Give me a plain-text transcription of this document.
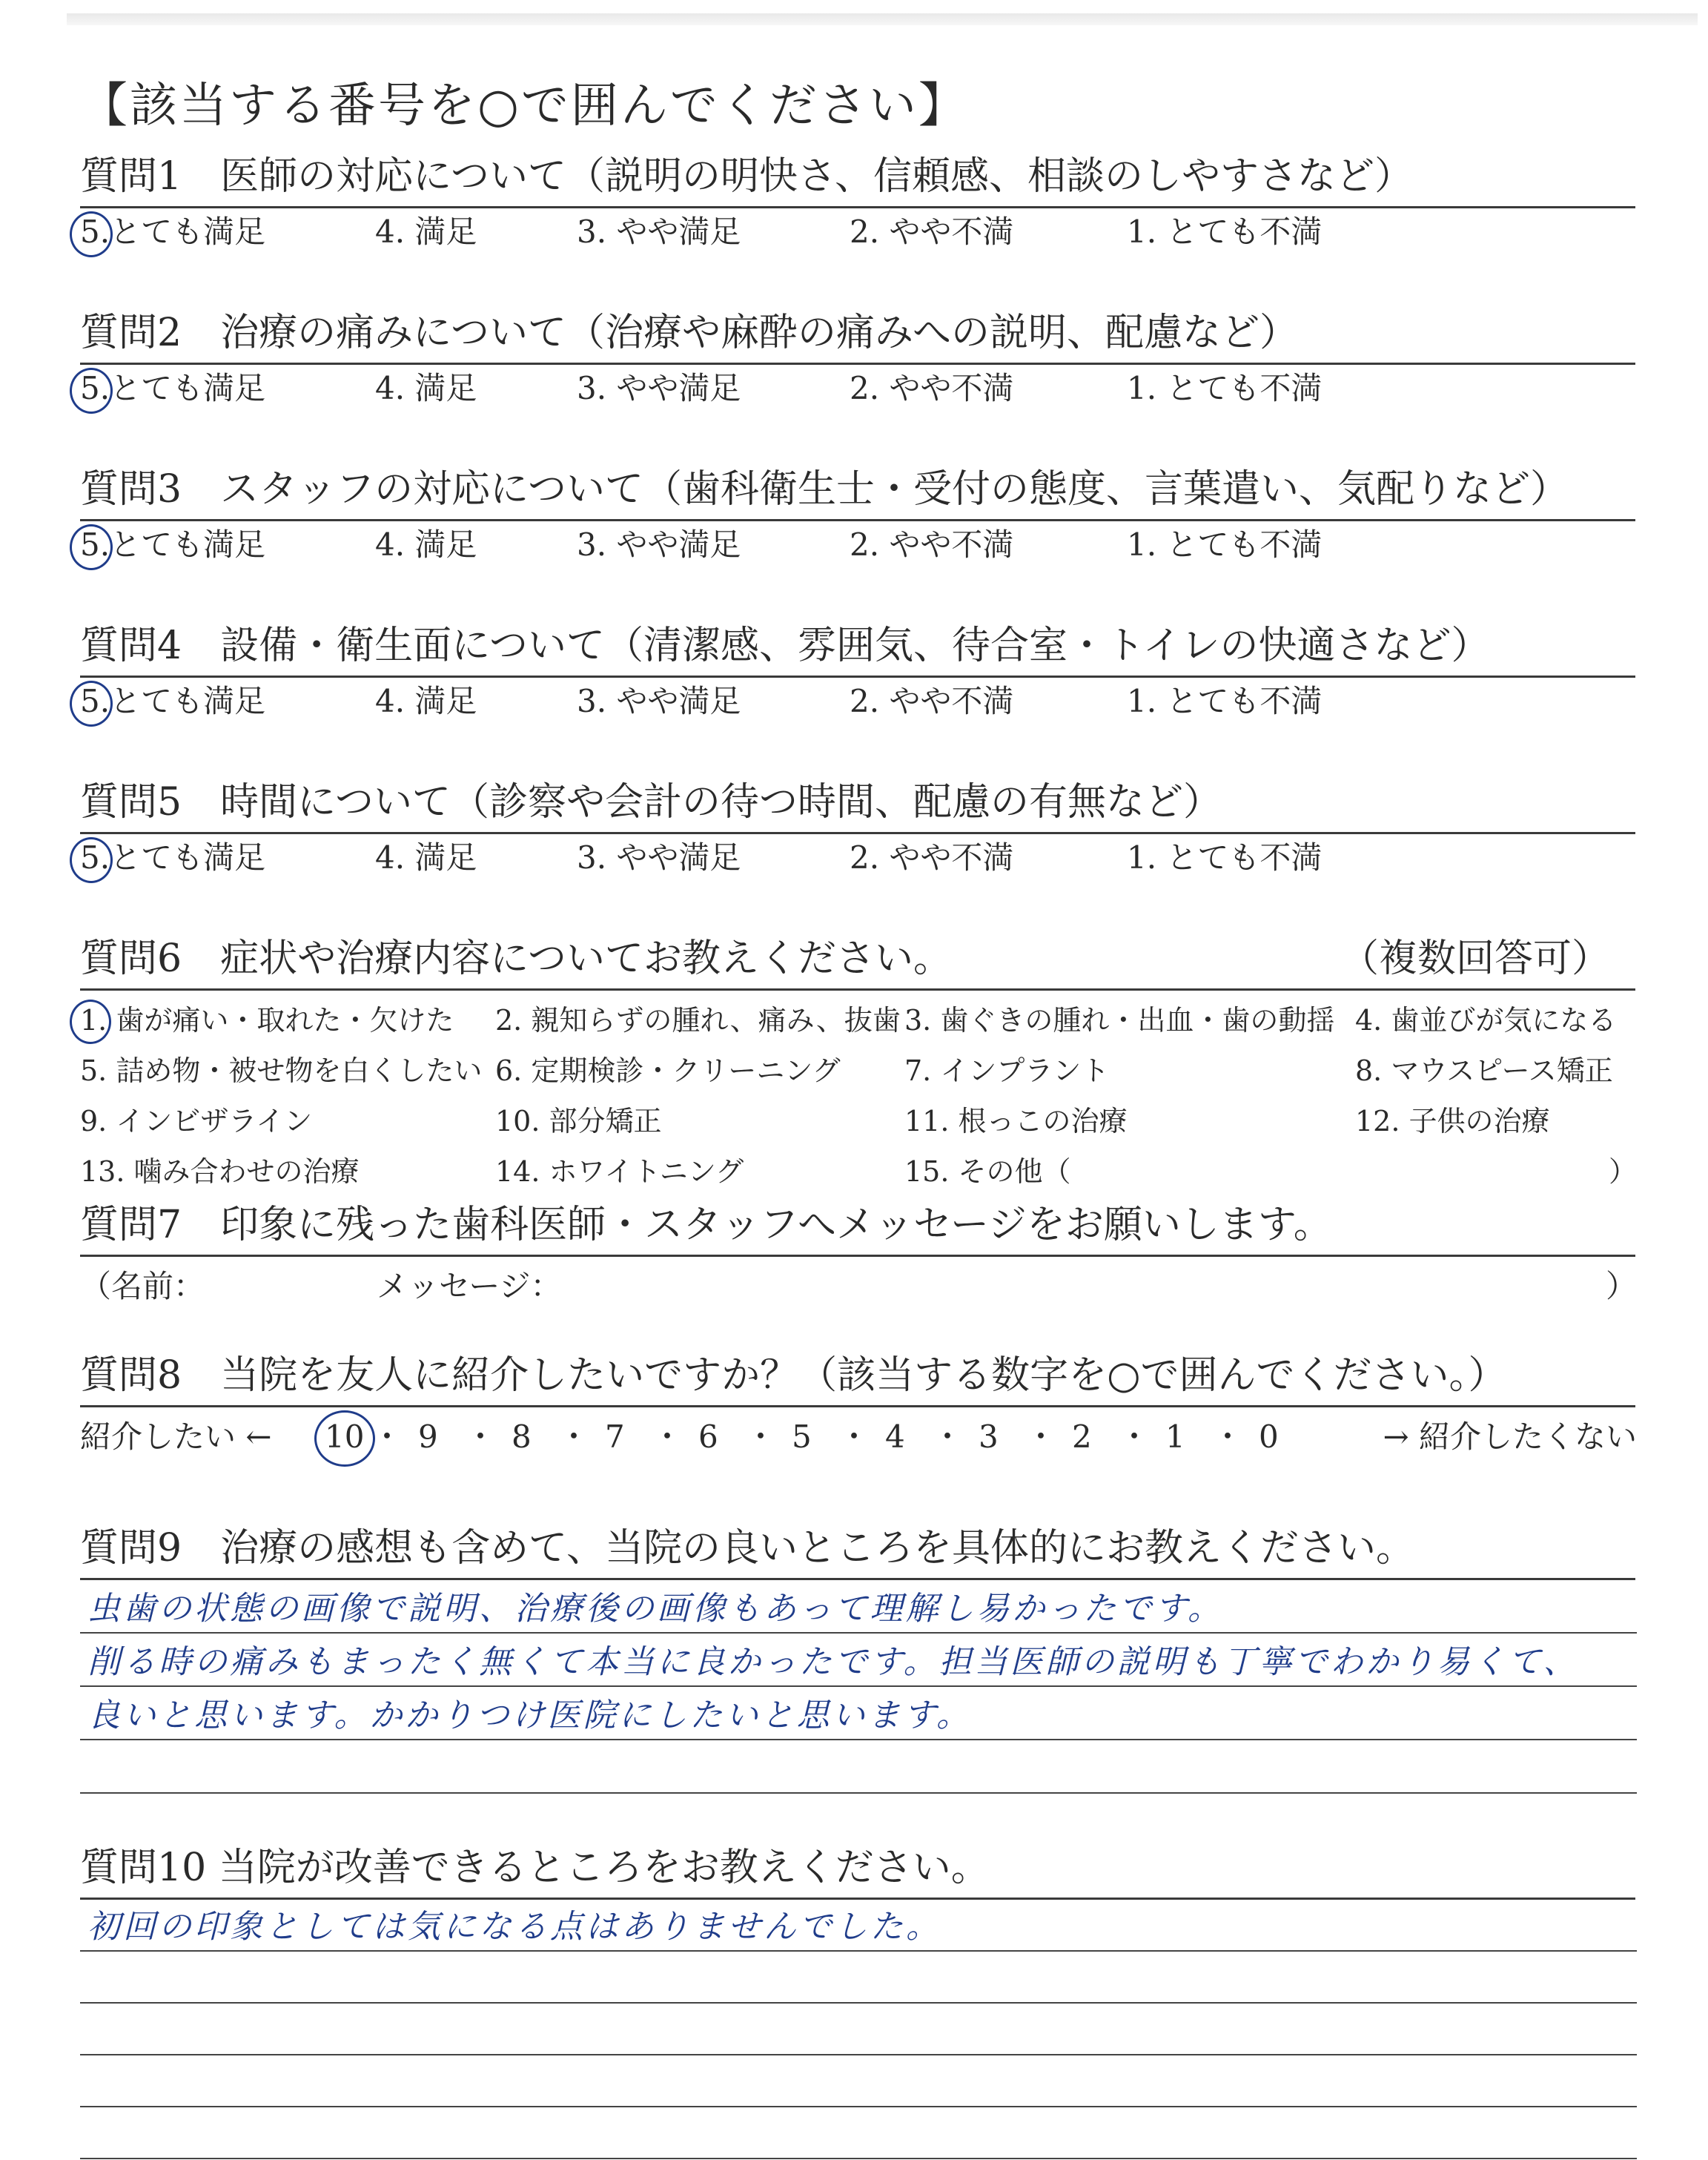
【該当する番号を○で囲んでください】
質問1　医師の対応について（説明の明快さ、信頼感、相談のしやすさなど）
5.とても満足	4. 満足	3. やや満足	2. やや不満	1. とても不満
質問2　治療の痛みについて（治療や麻酔の痛みへの説明、配慮など）
5.とても満足	4. 満足	3. やや満足	2. やや不満	1. とても不満
質問3　スタッフの対応について（歯科衛生士・受付の態度、言葉遣い、気配りなど）
5.とても満足	4. 満足	3. やや満足	2. やや不満	1. とても不満
質問4　設備・衛生面について（清潔感、雰囲気、待合室・トイレの快適さなど）
5.とても満足	4. 満足	3. やや満足	2. やや不満	1. とても不満
質問5　時間について（診察や会計の待つ時間、配慮の有無など）
5.とても満足	4. 満足	3. やや満足	2. やや不満	1. とても不満
質問6　症状や治療内容についてお教えください。	（複数回答可）
1. 歯が痛い・取れた・欠けた 2. 親知らずの腫れ、痛み、抜歯 3. 歯ぐきの腫れ・出血・歯の動揺 4. 歯並びが気になる
5. 詰め物・被せ物を白くしたい 6. 定期検診・クリーニング 7. インプラント	8. マウスピース矯正
9. インビザライン	10. 部分矯正	11. 根っこの治療	12. 子供の治療
13. 噛み合わせの治療	14. ホワイトニング	15. その他（	）
質問7　印象に残った歯科医師・スタッフへメッセージをお願いします。
（名前：	メッセージ：	）
質問8　当院を友人に紹介したいですか？（該当する数字を○で囲んでください。）
紹介したい ←	→ 紹介したくない
10 ・ 9 ・ 8 ・ 7 ・ 6 ・ 5 ・ 4 ・ 3 ・ 2 ・ 1 ・ 0
質問9　治療の感想も含めて、当院の良いところを具体的にお教えください。
虫歯の状態の画像で説明、治療後の画像もあって理解し易かったです。
削る時の痛みもまったく無くて本当に良かったです。担当医師の説明も丁寧でわかり易くて、
良いと思います。かかりつけ医院にしたいと思います。
質問10 当院が改善できるところをお教えください。
初回の印象としては気になる点はありませんでした。
